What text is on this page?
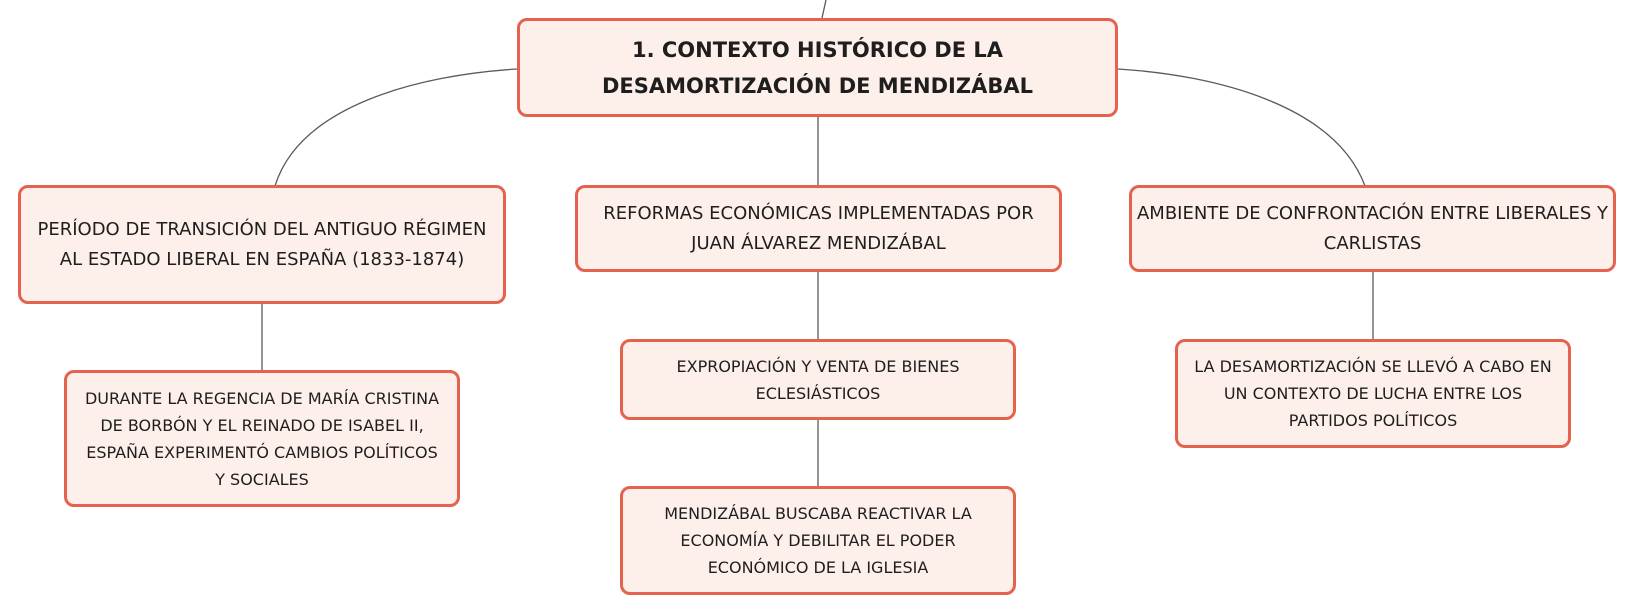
1. CONTEXTO HISTÓRICO DE LA DESAMORTIZACIÓN DE MENDIZÁBAL
PERÍODO DE TRANSICIÓN DEL ANTIGUO RÉGIMEN AL ESTADO LIBERAL EN ESPAÑA (1833-1874)
REFORMAS ECONÓMICAS IMPLEMENTADAS POR JUAN ÁLVAREZ MENDIZÁBAL
AMBIENTE DE CONFRONTACIÓN ENTRE LIBERALES Y CARLISTAS
DURANTE LA REGENCIA DE MARÍA CRISTINA DE BORBÓN Y EL REINADO DE ISABEL II, ESPAÑA EXPERIMENTÓ CAMBIOS POLÍTICOS Y SOCIALES
EXPROPIACIÓN Y VENTA DE BIENES ECLESIÁSTICOS
MENDIZÁBAL BUSCABA REACTIVAR LA ECONOMÍA Y DEBILITAR EL PODER ECONÓMICO DE LA IGLESIA
LA DESAMORTIZACIÓN SE LLEVÓ A CABO EN UN CONTEXTO DE LUCHA ENTRE LOS PARTIDOS POLÍTICOS
